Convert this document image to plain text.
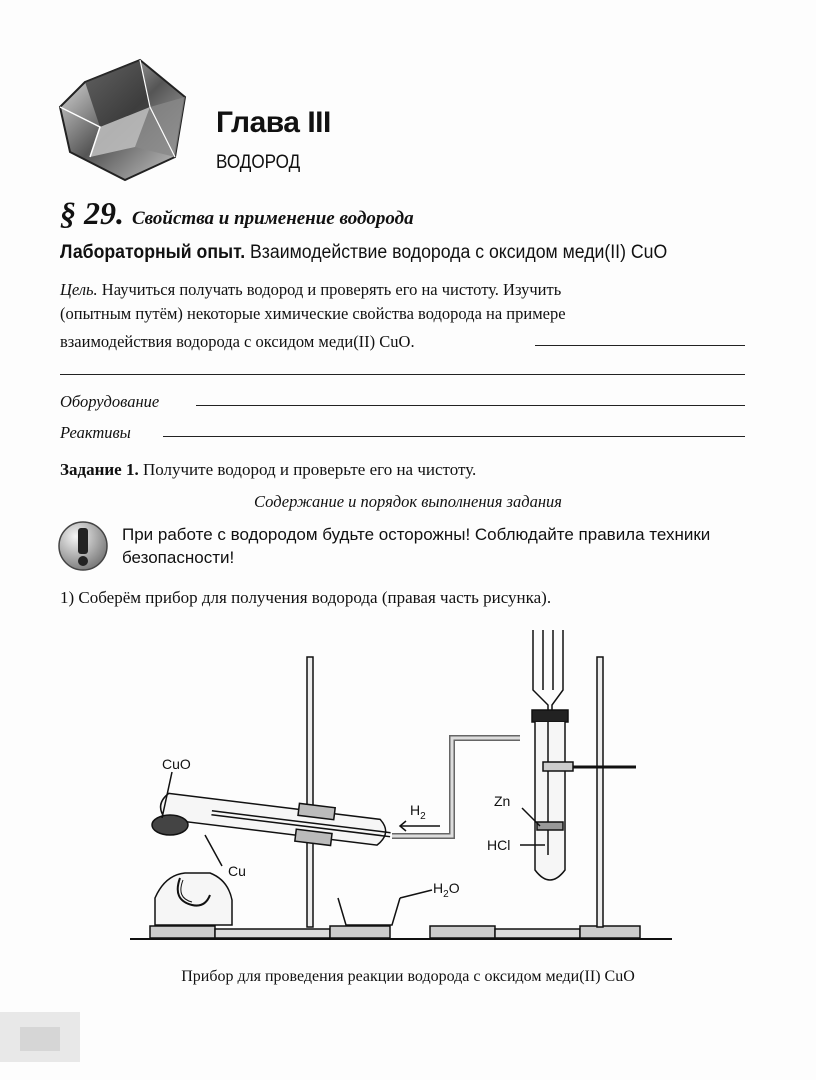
Глава III
ВОДОРОД
§ 29. Свойства и применение водорода
Лабораторный опыт. Взаимодействие водорода с оксидом меди(II) CuO
Цель. Научиться получать водород и проверять его на чистоту. Изучить
(опытным путём) некоторые химические свойства водорода на примере
взаимодействия водорода с оксидом меди(II) CuO.
Оборудование
Реактивы
Задание 1. Получите водород и проверьте его на чистоту.
Содержание и порядок выполнения задания
При работе с водородом будьте осторожны! Соблюдайте правила техники безопасности!
1) Соберём прибор для получения водорода (правая часть рисунка).
CuO
Cu
$H_2$
Zn
HCl
$H_2O$
Прибор для проведения реакции водорода с оксидом меди(II) CuO
